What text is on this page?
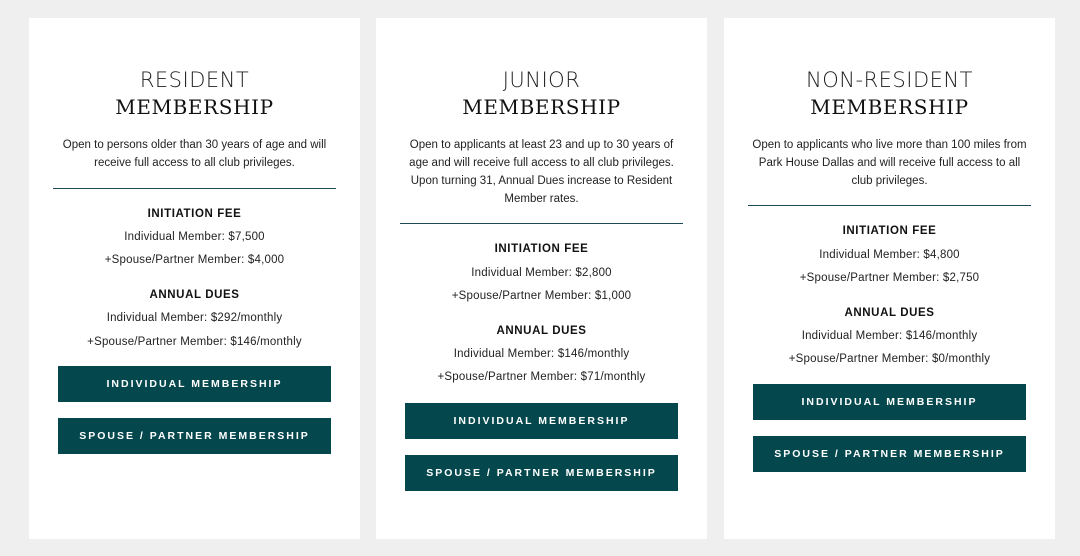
RESIDENT
MEMBERSHIP
Open to persons older than 30 years of age and will receive full access to all club privileges.
INITIATION FEE
Individual Member: $7,500
+Spouse/Partner Member: $4,000
ANNUAL DUES
Individual Member: $292/monthly
+Spouse/Partner Member: $146/monthly
INDIVIDUAL MEMBERSHIP
SPOUSE / PARTNER MEMBERSHIP
JUNIOR
MEMBERSHIP
Open to applicants at least 23 and up to 30 years of age and will receive full access to all club privileges. Upon turning 31, Annual Dues increase to Resident Member rates.
INITIATION FEE
Individual Member: $2,800
+Spouse/Partner Member: $1,000
ANNUAL DUES
Individual Member: $146/monthly
+Spouse/Partner Member: $71/monthly
INDIVIDUAL MEMBERSHIP
SPOUSE / PARTNER MEMBERSHIP
NON-RESIDENT
MEMBERSHIP
Open to applicants who live more than 100 miles from Park House Dallas and will receive full access to all club privileges.
INITIATION FEE
Individual Member: $4,800
+Spouse/Partner Member: $2,750
ANNUAL DUES
Individual Member: $146/monthly
+Spouse/Partner Member: $0/monthly
INDIVIDUAL MEMBERSHIP
SPOUSE / PARTNER MEMBERSHIP
